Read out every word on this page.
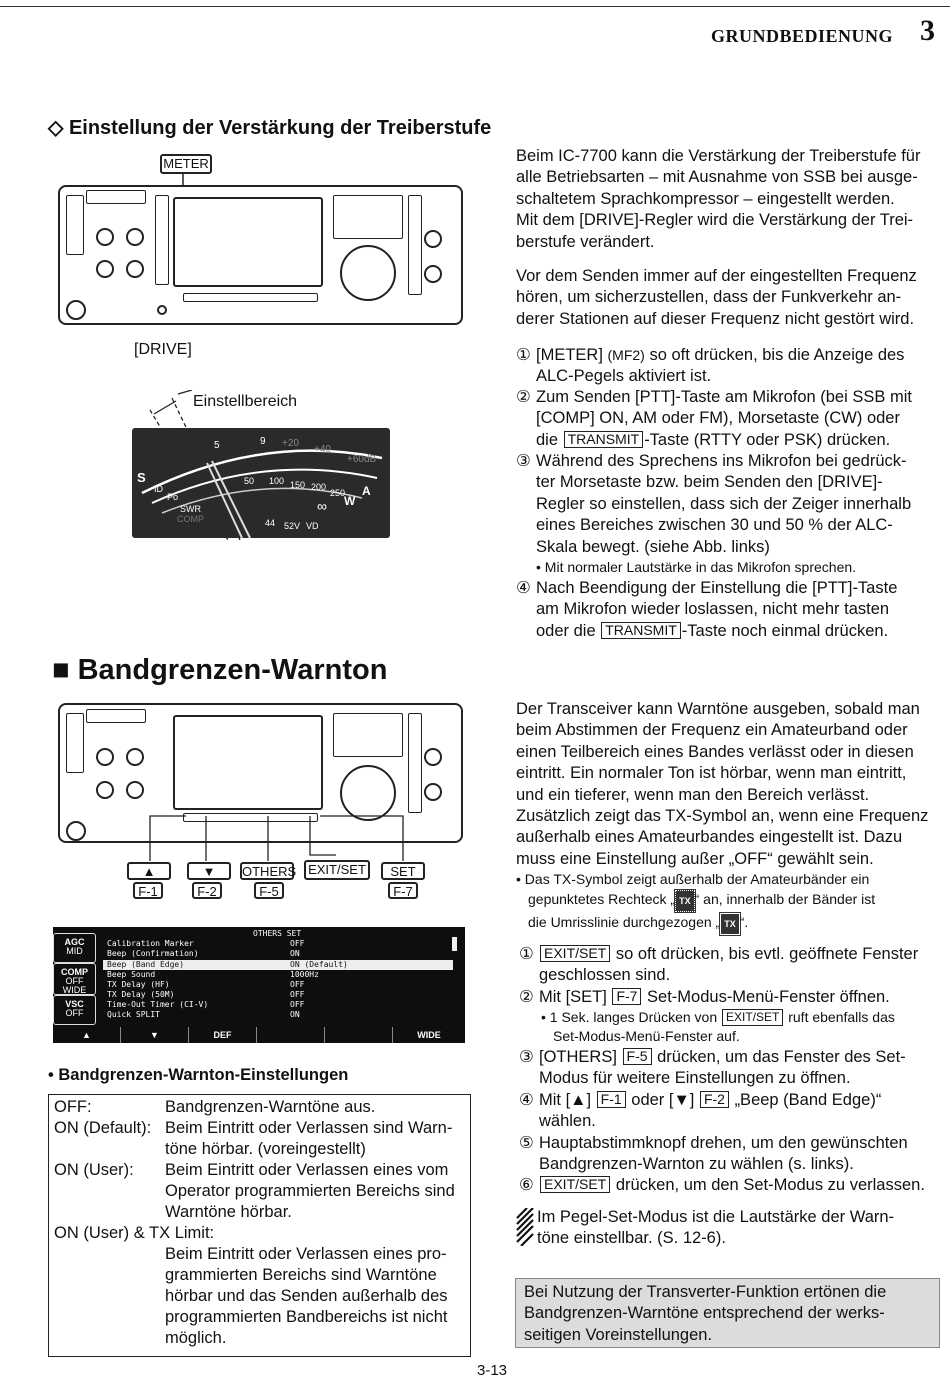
GRUNDBEDIENUNG 3
◇ Einstellung der Verstärkung der Treiberstufe
METER
[DRIVE]
Einstellbereich
S
5	9 +20
+40
+60dB
ID
Po
50 100 150 200
250 A
W
SWR
COMP
∞
44 52V VD
Beim IC-7700 kann die Verstärkung der Treiberstufe für
alle Betriebsarten – mit Ausnahme von SSB bei ausge-
schaltetem Sprachkompressor – eingestellt werden.
Mit dem [DRIVE]-Regler wird die Verstärkung der Trei-
berstufe verändert.
Vor dem Senden immer auf der eingestellten Frequenz
hören, um sicherzustellen, dass der Funkverkehr an-
derer Stationen auf dieser Frequenz nicht gestört wird.
① [METER] (MF2) so oft drücken, bis die Anzeige des
ALC-Pegels aktiviert ist.
② Zum Senden [PTT]-Taste am Mikrofon (bei SSB mit
[COMP] ON, AM oder FM), Morsetaste (CW) oder
die TRANSMIT -Taste (RTTY oder PSK) drücken.
③ Während des Sprechens ins Mikrofon bei gedrück-
ter Morsetaste bzw. beim Senden den [DRIVE]-
Regler so einstellen, dass sich der Zeiger innerhalb
eines Bereiches zwischen 30 und 50 % der ALC-
Skala bewegt. (siehe Abb. links)
• Mit normaler Lautstärke in das Mikrofon sprechen.
④ Nach Beendigung der Einstellung die [PTT]-Taste
am Mikrofon wieder loslassen, nicht mehr tasten
oder die TRANSMIT -Taste noch einmal drücken.
■ Bandgrenzen-Warnton
▲
F-1
▼
F-2
OTHERS
F-5
EXIT/SET	SET
F-7
OTHERS SET
AGC
MID
COMP
OFF
WIDE
VSC
OFF
Calibration Marker	OFF
Beep (Confirmation)	ON
Beep (Band Edge)	ON (Default)
Beep Sound	1000Hz
TX Delay (HF)	OFF
TX Delay (50M)	OFF
Time-Out Timer (CI-V)	OFF
Quick SPLIT	ON
▲	▼	DEF	WIDE
• Bandgrenzen-Warnton-Einstellungen
OFF:	Bandgrenzen-Warntöne aus.
ON (Default): Beim Eintritt oder Verlassen sind Warn-
töne hörbar. (voreingestellt)
ON (User): Beim Eintritt oder Verlassen eines vom
Operator programmierten Bereichs sind
Warntöne hörbar.
ON (User) & TX Limit:
Beim Eintritt oder Verlassen eines pro-
grammierten Bereichs sind Warntöne
hörbar und das Senden außerhalb des
programmierten Bandbereichs ist nicht
möglich.
Der Transceiver kann Warntöne ausgeben, sobald man
beim Abstimmen der Frequenz ein Amateurband oder
einen Teilbereich eines Bandes verlässt oder in diesen
eintritt. Ein normaler Ton ist hörbar, wenn man eintritt,
und ein tieferer, wenn man den Bereich verlässt.
Zusätzlich zeigt das TX-Symbol an, wenn eine Frequenz
außerhalb eines Amateurbandes eingestellt ist. Dazu
muss eine Einstellung außer „OFF“ gewählt sein.
• Das TX-Symbol zeigt außerhalb der Amateurbänder ein
gepunktetes Rechteck „ TX “ an, innerhalb der Bänder ist
die Umrisslinie durchgezogen „ TX “.
① EXIT/SET so oft drücken, bis evtl. geöffnete Fenster
geschlossen sind.
② Mit [SET] F-7 Set-Modus-Menü-Fenster öffnen.
• 1 Sek. langes Drücken von EXIT/SET ruft ebenfalls das
Set-Modus-Menü-Fenster auf.
③ [OTHERS] F-5 drücken, um das Fenster des Set-
Modus für weitere Einstellungen zu öffnen.
④ Mit [▲] F-1 oder [▼] F-2 „Beep (Band Edge)“
wählen.
⑤ Hauptabstimmknopf drehen, um den gewünschten
Bandgrenzen-Warnton zu wählen (s. links).
⑥ EXIT/SET drücken, um den Set-Modus zu verlassen.
Im Pegel-Set-Modus ist die Lautstärke der Warn-
töne einstellbar. (S. 12-6).
Bei Nutzung der Transverter-Funktion ertönen die
Bandgrenzen-Warntöne entsprechend der werks-
seitigen Voreinstellungen.
3-13
